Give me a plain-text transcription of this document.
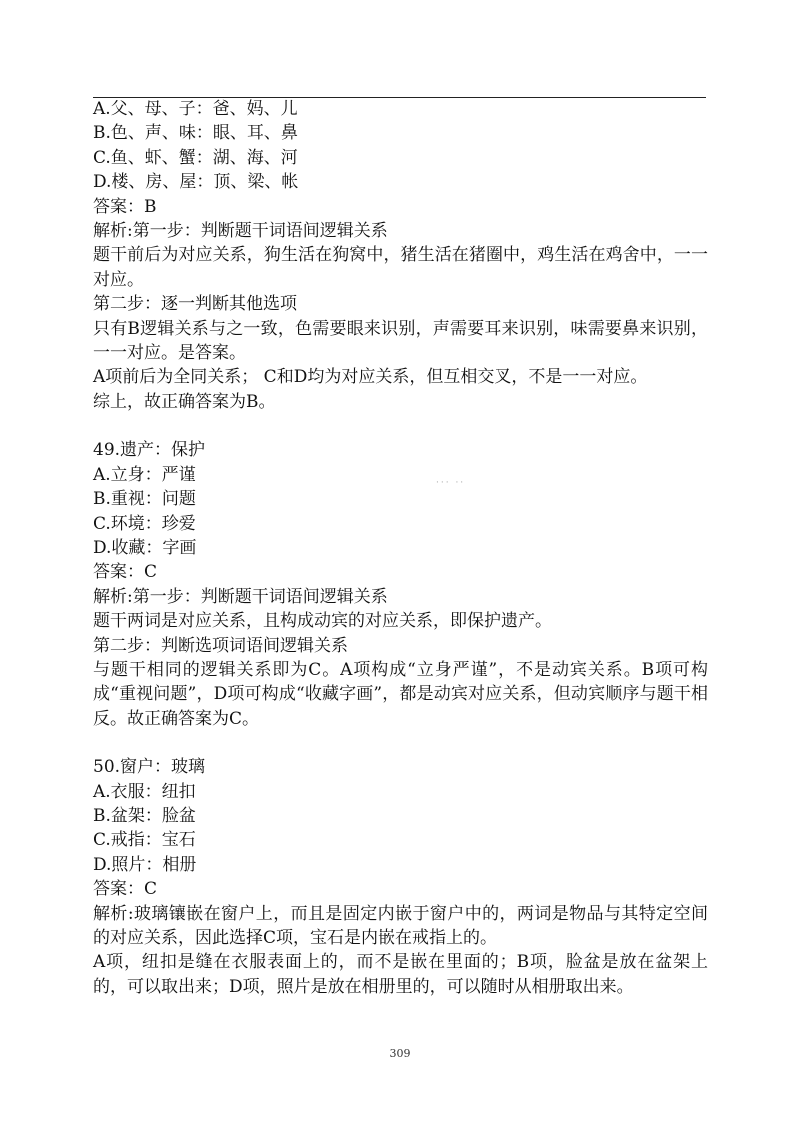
A.父、母、子：爸、妈、儿
B.色、声、味：眼、耳、鼻
C.鱼、虾、蟹：湖、海、河
D.楼、房、屋：顶、梁、帐
答案：B
解析:第一步：判断题干词语间逻辑关系
题干前后为对应关系，狗生活在狗窝中，猪生活在猪圈中，鸡生活在鸡舍中，一一对应。
第二步：逐一判断其他选项
只有B逻辑关系与之一致，色需要眼来识别，声需要耳来识别，味需要鼻来识别，一一对应。是答案。
A项前后为全同关系； C和D均为对应关系，但互相交叉，不是一一对应。
综上，故正确答案为B。
49.遗产：保护
A.立身：严谨
B.重视：问题
C.环境：珍爱
D.收藏：字画
答案：C
解析:第一步：判断题干词语间逻辑关系
题干两词是对应关系，且构成动宾的对应关系，即保护遗产。
第二步：判断选项词语间逻辑关系
与题干相同的逻辑关系即为C。A项构成“立身严谨”，不是动宾关系。B项可构成“重视问题”，D项可构成“收藏字画”，都是动宾对应关系，但动宾顺序与题干相反。故正确答案为C。
50.窗户：玻璃
A.衣服：纽扣
B.盆架：脸盆
C.戒指：宝石
D.照片：相册
答案：C
解析:玻璃镶嵌在窗户上，而且是固定内嵌于窗户中的，两词是物品与其特定空间的对应关系，因此选择C项，宝石是内嵌在戒指上的。
A项，纽扣是缝在衣服表面上的，而不是嵌在里面的；B项，脸盆是放在盆架上的，可以取出来；D项，照片是放在相册里的，可以随时从相册取出来。
··· ··
309
